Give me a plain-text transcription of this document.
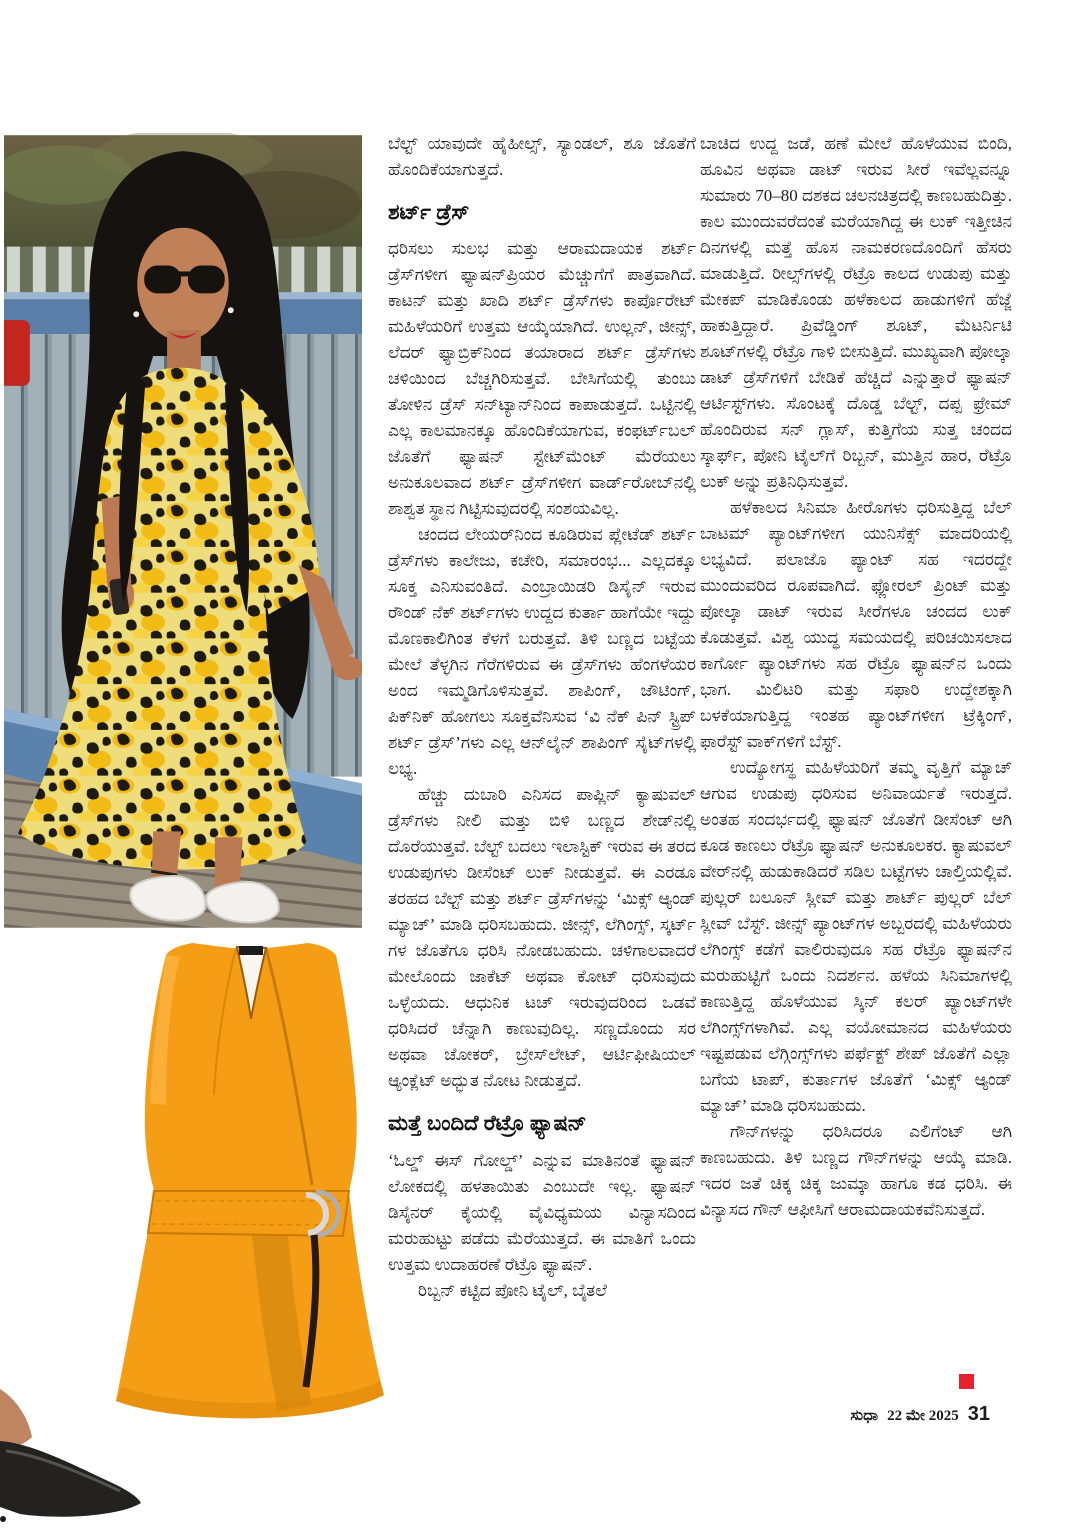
ಬೆಲ್ಟ್ ಯಾವುದೇ ಹೈಹೀಲ್ಸ್, ಸ್ಯಾಂಡಲ್, ಶೂ ಜೊತೆಗೆ ಹೊಂದಿಕೆಯಾಗುತ್ತದೆ.

ಶರ್ಟ್ ಡ್ರೆಸ್

ಧರಿಸಲು ಸುಲಭ ಮತ್ತು ಆರಾಮದಾಯಕ ಶರ್ಟ್ ಡ್ರೆಸ್‌ಗಳೀಗ ಫ್ಯಾಷನ್‌ಪ್ರಿಯರ ಮೆಚ್ಚುಗೆಗೆ ಪಾತ್ರವಾಗಿದೆ. ಕಾಟನ್ ಮತ್ತು ಖಾದಿ ಶರ್ಟ್ ಡ್ರೆಸ್‌ಗಳು ಕಾರ್ಪೊರೇಟ್ ಮಹಿಳೆಯರಿಗೆ ಉತ್ತಮ ಆಯ್ಕೆಯಾಗಿದೆ. ಉಲ್ಲನ್, ಜೀನ್ಸ್, ಲೆದರ್ ಫ್ಯಾಬ್ರಿಕ್‌ನಿಂದ ತಯಾರಾದ ಶರ್ಟ್ ಡ್ರೆಸ್‌ಗಳು ಚಳಿಯಿಂದ ಬೆಚ್ಚಗಿರಿಸುತ್ತವೆ. ಬೇಸಿಗೆಯಲ್ಲಿ ತುಂಬು ತೋಳಿನ ಡ್ರೆಸ್ ಸನ್‌ಟ್ಯಾನ್‌ನಿಂದ ಕಾಪಾಡುತ್ತದೆ. ಒಟ್ಟಿನಲ್ಲಿ ಎಲ್ಲ ಕಾಲಮಾನಕ್ಕೂ ಹೊಂದಿಕೆಯಾಗುವ, ಕಂಫರ್ಟ್‌ಬಲ್ ಜೊತೆಗೆ ಫ್ಯಾಷನ್ ಸ್ಟೇಟ್‌ಮೆಂಟ್ ಮೆರೆಯಲು ಅನುಕೂಲವಾದ ಶರ್ಟ್ ಡ್ರೆಸ್‌ಗಳೀಗ ವಾರ್ಡ್‌ರೋಬ್‌ನಲ್ಲಿ ಶಾಶ್ವತ ಸ್ಥಾನ ಗಿಟ್ಟಿಸುವುದರಲ್ಲಿ ಸಂಶಯವಿಲ್ಲ.

ಚಂದದ ಲೇಯರ್‌ನಿಂದ ಕೂಡಿರುವ ಪ್ಲೇಟೆಡ್ ಶರ್ಟ್ ಡ್ರೆಸ್‌ಗಳು ಕಾಲೇಜು, ಕಚೇರಿ, ಸಮಾರಂಭ... ಎಲ್ಲದಕ್ಕೂ ಸೂಕ್ತ ಎನಿಸುವಂತಿದೆ. ಎಂಬ್ರಾಯಿಡರಿ ಡಿಸೈನ್ ಇರುವ ರೌಂಡ್ ನೆಕ್ ಶರ್ಟ್‌ಗಳು ಉದ್ದದ ಕುರ್ತಾ ಹಾಗೆಯೇ ಇದ್ದು ಮೊಣಕಾಲಿಗಿಂತ ಕೆಳಗೆ ಬರುತ್ತವೆ. ತಿಳಿ ಬಣ್ಣದ ಬಟ್ಟೆಯ ಮೇಲೆ ತೆಳ್ಳಗಿನ ಗೆರೆಗಳಿರುವ ಈ ಡ್ರೆಸ್‌ಗಳು ಹೆಂಗಳೆಯರ ಅಂದ ಇಮ್ಮಡಿಗೊಳಿಸುತ್ತವೆ. ಶಾಪಿಂಗ್, ಜೌಟಿಂಗ್, ಪಿಕ್‌ನಿಕ್ ಹೋಗಲು ಸೂಕ್ತವೆನಿಸುವ ‘ವಿ ನೆಕ್ ಪಿನ್ ಸ್ಟ್ರಿಪ್ ಶರ್ಟ್ ಡ್ರೆಸ್’ಗಳು ಎಲ್ಲ ಆನ್‌ಲೈನ್ ಶಾಪಿಂಗ್ ಸೈಟ್‌ಗಳಲ್ಲಿ ಲಭ್ಯ.

ಹೆಚ್ಚು ದುಬಾರಿ ಎನಿಸದ ಪಾಪ್ಲಿನ್ ಕ್ಯಾಷುವಲ್ ಡ್ರೆಸ್‌ಗಳು ನೀಲಿ ಮತ್ತು ಬಿಳಿ ಬಣ್ಣದ ಶೇಡ್‌ನಲ್ಲಿ ದೊರೆಯುತ್ತವೆ. ಬೆಲ್ಟ್ ಬದಲು ಇಲಾಸ್ಟಿಕ್ ಇರುವ ಈ ತರದ ಉಡುಪುಗಳು ಡೀಸೆಂಟ್ ಲುಕ್ ನೀಡುತ್ತವೆ. ಈ ಎರಡೂ ತರಹದ ಬೆಲ್ಟ್ ಮತ್ತು ಶರ್ಟ್ ಡ್ರೆಸ್‌ಗಳನ್ನು ‘ಮಿಕ್ಸ್ ಆ್ಯಂಡ್ ಮ್ಯಾಚ್’ ಮಾಡಿ ಧರಿಸಬಹುದು. ಜೀನ್ಸ್, ಲೆಗಿಂಗ್ಸ್, ಸ್ಕರ್ಟ್ ಗಳ ಜೊತೆಗೂ ಧರಿಸಿ ನೋಡಬಹುದು. ಚಳಿಗಾಲವಾದರೆ ಮೇಲೊಂದು ಜಾಕೆಟ್ ಅಥವಾ ಕೋಟ್ ಧರಿಸುವುದು ಒಳ್ಳೆಯದು. ಆಧುನಿಕ ಟಚ್ ಇರುವುದರಿಂದ ಒಡವೆ ಧರಿಸಿದರೆ ಚೆನ್ನಾಗಿ ಕಾಣುವುದಿಲ್ಲ. ಸಣ್ಣದೊಂದು ಸರ ಅಥವಾ ಚೋಕರ್, ಬ್ರೇಸ್‌ಲೇಟ್, ಆರ್ಟಿಫೀಷಿಯಲ್ ಆ್ಯಂಕ್ಲೆಟ್ ಅದ್ಭುತ ನೋಟ ನೀಡುತ್ತದೆ.

ಮತ್ತೆ ಬಂದಿದೆ ರೆಟ್ರೊ ಫ್ಯಾಷನ್

‘ಓಲ್ಡ್ ಈಸ್ ಗೋಲ್ಡ್’ ಎನ್ನುವ ಮಾತಿನಂತೆ ಫ್ಯಾಷನ್ ಲೋಕದಲ್ಲಿ ಹಳತಾಯಿತು ಎಂಬುದೇ ಇಲ್ಲ. ಫ್ಯಾಷನ್ ಡಿಸೈನರ್ ಕೈಯಲ್ಲಿ ವೈವಿಧ್ಯಮಯ ವಿನ್ಯಾಸದಿಂದ ಮರುಹುಟ್ಟು ಪಡೆದು ಮೆರೆಯುತ್ತದೆ. ಈ ಮಾತಿಗೆ ಒಂದು ಉತ್ತಮ ಉದಾಹರಣೆ ರೆಟ್ರೊ ಫ್ಯಾಷನ್.

ರಿಬ್ಬನ್ ಕಟ್ಟಿದ ಪೋನಿ ಟೈಲ್, ಬೈತಲೆ

ಬಾಚಿದ ಉದ್ದ ಜಡೆ, ಹಣೆ ಮೇಲೆ ಹೊಳೆಯುವ ಬಿಂದಿ, ಹೂವಿನ ಅಥವಾ ಡಾಟ್ ಇರುವ ಸೀರೆ ಇವೆಲ್ಲವನ್ನೂ ಸುಮಾರು 70–80 ದಶಕದ ಚಲನಚಿತ್ರದಲ್ಲಿ ಕಾಣಬಹುದಿತ್ತು. ಕಾಲ ಮುಂದುವರೆದಂತೆ ಮರೆಯಾಗಿದ್ದ ಈ ಲುಕ್ ಇತ್ತೀಚಿನ ದಿನಗಳಲ್ಲಿ ಮತ್ತೆ ಹೊಸ ನಾಮಕರಣದೊಂದಿಗೆ ಹೆಸರು ಮಾಡುತ್ತಿದೆ. ರೀಲ್ಸ್‌ಗಳಲ್ಲಿ ರೆಟ್ರೊ ಕಾಲದ ಉಡುಪು ಮತ್ತು ಮೇಕಪ್ ಮಾಡಿಕೊಂಡು ಹಳೆಕಾಲದ ಹಾಡುಗಳಿಗೆ ಹೆಜ್ಜೆ ಹಾಕುತ್ತಿದ್ದಾರೆ. ಪ್ರಿವೆಡ್ಡಿಂಗ್ ಶೂಟ್, ಮೆಟರ್ನಿಟಿ ಶೂಟ್‌ಗಳಲ್ಲಿ ರೆಟ್ರೊ ಗಾಳಿ ಬೀಸುತ್ತಿದೆ. ಮುಖ್ಯವಾಗಿ ಪೋಲ್ಕಾ ಡಾಟ್ ಡ್ರೆಸ್‌ಗಳಿಗೆ ಬೇಡಿಕೆ ಹೆಚ್ಚಿದೆ ಎನ್ನುತ್ತಾರೆ ಫ್ಯಾಷನ್ ಆರ್ಟಿಸ್ಟ್‌ಗಳು. ಸೊಂಟಕ್ಕೆ ದೊಡ್ಡ ಬೆಲ್ಟ್, ದಪ್ಪ ಫ್ರೇಮ್ ಹೊಂದಿರುವ ಸನ್ ಗ್ಲಾಸ್, ಕುತ್ತಿಗೆಯ ಸುತ್ತ ಚಂದದ ಸ್ಕಾರ್ಫ್, ಪೋನಿ ಟೈಲ್‌ಗೆ ರಿಬ್ಬನ್, ಮುತ್ತಿನ ಹಾರ, ರೆಟ್ರೊ ಲುಕ್ ಅನ್ನು ಪ್ರತಿನಿಧಿಸುತ್ತವೆ.

ಹಳೆಕಾಲದ ಸಿನಿಮಾ ಹೀರೊಗಳು ಧರಿಸುತ್ತಿದ್ದ ಬೆಲ್ ಬಾಟಮ್ ಪ್ಯಾಂಟ್‌ಗಳೀಗ ಯುನಿಸೆಕ್ಸ್ ಮಾದರಿಯಲ್ಲಿ ಲಭ್ಯವಿದೆ. ಪಲಾಜೊ ಪ್ಯಾಂಟ್ ಸಹ ಇದರದ್ದೇ ಮುಂದುವರಿದ ರೂಪವಾಗಿದೆ. ಫ್ಲೋರಲ್ ಪ್ರಿಂಟ್ ಮತ್ತು ಪೋಲ್ಕಾ ಡಾಟ್ ಇರುವ ಸೀರೆಗಳೂ ಚಂದದ ಲುಕ್ ಕೊಡುತ್ತವೆ. ವಿಶ್ವ ಯುದ್ಧ ಸಮಯದಲ್ಲಿ ಪರಿಚಯಿಸಲಾದ ಕಾರ್ಗೋ ಪ್ಯಾಂಟ್‌ಗಳು ಸಹ ರೆಟ್ರೊ ಫ್ಯಾಷನ್‌ನ ಒಂದು ಭಾಗ. ಮಿಲಿಟರಿ ಮತ್ತು ಸಫಾರಿ ಉದ್ದೇಶಕ್ಕಾಗಿ ಬಳಕೆಯಾಗುತ್ತಿದ್ದ ಇಂತಹ ಪ್ಯಾಂಟ್‌ಗಳೀಗ ಟ್ರೆಕ್ಕಿಂಗ್, ಫಾರೆಸ್ಟ್ ವಾಕ್‌ಗಳಿಗೆ ಬೆಸ್ಟ್.

ಉದ್ಯೋಗಸ್ಥ ಮಹಿಳೆಯರಿಗೆ ತಮ್ಮ ವೃತ್ತಿಗೆ ಮ್ಯಾಚ್ ಆಗುವ ಉಡುಪು ಧರಿಸುವ ಅನಿವಾರ್ಯತೆ ಇರುತ್ತದೆ. ಅಂತಹ ಸಂದರ್ಭದಲ್ಲಿ ಫ್ಯಾಷನ್ ಜೊತೆಗೆ ಡೀಸೆಂಟ್ ಆಗಿ ಕೂಡ ಕಾಣಲು ರೆಟ್ರೊ ಫ್ಯಾಷನ್ ಅನುಕೂಲಕರ. ಕ್ಯಾಷುವಲ್ ವೇರ್‌ನಲ್ಲಿ ಹುಡುಕಾಡಿದರೆ ಸಡಿಲ ಬಟ್ಟೆಗಳು ಚಾಲ್ತಿಯಲ್ಲಿವೆ. ಪುಲ್ಲರ್ ಬಲೂನ್ ಸ್ಲೀವ್ ಮತ್ತು ಶಾರ್ಟ್ ಪುಲ್ಲರ್ ಬೆಲ್ ಸ್ಲೀವ್ ಬೆಸ್ಟ್. ಜೀನ್ಸ್ ಪ್ಯಾಂಟ್‌ಗಳ ಅಬ್ಬರದಲ್ಲಿ ಮಹಿಳೆಯರು ಲೆಗಿಂಗ್ಸ್ ಕಡೆಗೆ ವಾಲಿರುವುದೂ ಸಹ ರೆಟ್ರೊ ಫ್ಯಾಷನ್‌ನ ಮರುಹುಟ್ಟಿಗೆ ಒಂದು ನಿದರ್ಶನ. ಹಳೆಯ ಸಿನಿಮಾಗಳಲ್ಲಿ ಕಾಣುತ್ತಿದ್ದ ಹೊಳೆಯುವ ಸ್ಕಿನ್ ಕಲರ್ ಪ್ಯಾಂಟ್‌ಗಳೇ ಲೆಗಿಂಗ್ಸ್‌ಗಳಾಗಿವೆ. ಎಲ್ಲ ವಯೋಮಾನದ ಮಹಿಳೆಯರು ಇಷ್ಟಪಡುವ ಲೆಗ್ಗಿಂಗ್ಸ್‌ಗಳು ಪರ್ಫೆಕ್ಟ್ ಶೇಪ್ ಜೊತೆಗೆ ಎಲ್ಲಾ ಬಗೆಯ ಟಾಪ್, ಕುರ್ತಾಗಳ ಜೊತೆಗೆ ‘ಮಿಕ್ಸ್ ಆ್ಯಂಡ್ ಮ್ಯಾಚ್’ ಮಾಡಿ ಧರಿಸಬಹುದು.

ಗೌನ್‌ಗಳನ್ನು ಧರಿಸಿದರೂ ಎಲಿಗೆಂಟ್ ಆಗಿ ಕಾಣಬಹುದು. ತಿಳಿ ಬಣ್ಣದ ಗೌನ್‌ಗಳನ್ನು ಆಯ್ಕೆ ಮಾಡಿ. ಇದರ ಜತೆ ಚಿಕ್ಕ ಚಿಕ್ಕ ಜುಮ್ಕಾ ಹಾಗೂ ಕಡ ಧರಿಸಿ. ಈ ವಿನ್ಯಾಸದ ಗೌನ್ ಆಫೀಸಿಗೆ ಆರಾಮದಾಯಕವೆನಿಸುತ್ತದೆ.

ಸುಧಾ 22 ಮೇ 2025 31
